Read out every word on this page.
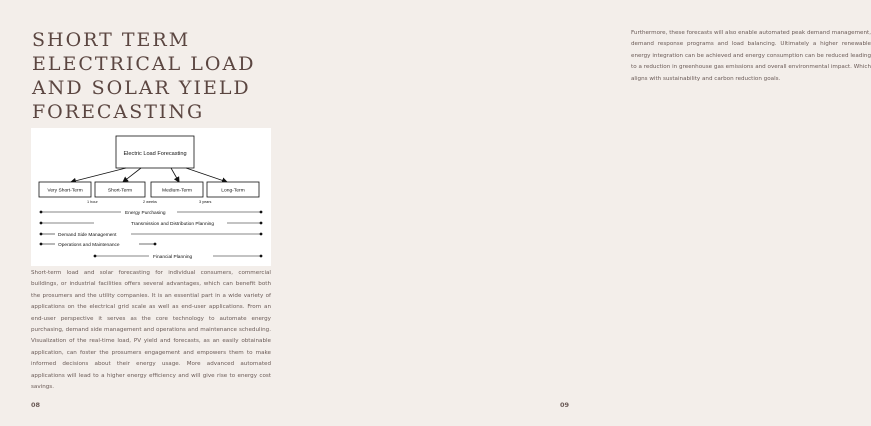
SHORT TERM
ELECTRICAL LOAD
AND SOLAR YIELD
FORECASTING
Electric Load Forecasting
Very Short-Term	Short-Term	Medium-Term	Long-Term
1 hour	2 weeks	3 years
Energy Purchasing
Transmission and Distribution Planning
Demand Side Management
Operations and Maintenance
Financial Planning

Short-term load and solar forecasting for individual consumers, commercial buildings, or industrial facilities offers several advantages, which can benefit both the prosumers and the utility companies. It is an essential part in a wide variety of applications on the electrical grid scale as well as end-user applications. From an end-user perspective it serves as the core technology to automate energy purchasing, demand side management and operations and maintenance scheduling. Visualization of the real-time load, PV yield and forecasts, as an easily obtainable application, can foster the prosumers engagement and empowers them to make informed decisions about their energy usage. More advanced automated applications will lead to a higher energy efficiency and will give rise to energy cost savings.

08

Furthermore, these forecasts will also enable automated peak demand management, demand response programs and load balancing. Ultimately a higher renewable energy integration can be achieved and energy consumption can be reduced leading to a reduction in greenhouse gas emissions and overall environmental impact. Which aligns with sustainability and carbon reduction goals.

09
